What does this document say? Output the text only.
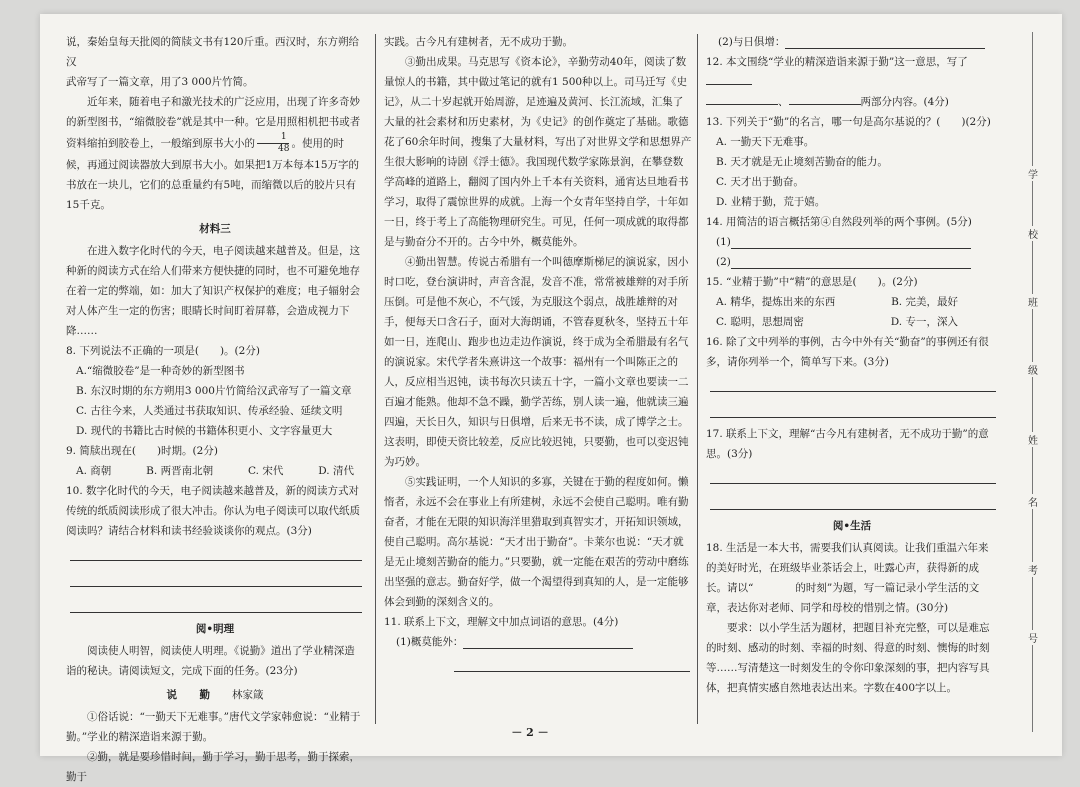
说，秦始皇每天批阅的简牍文书有120斤重。西汉时，东方朔给汉

武帝写了一篇文章，用了3 000片竹简。

近年来，随着电子和激光技术的广泛应用，出现了许多奇妙的新型图书，“缩微胶卷”就是其中一种。它是用照相机把书或者资料缩拍到胶卷上，一般缩到原书大小的 $\frac{1}{48}$ 。使用的时候，再通过阅读器放大到原书大小。如果把1万本每本15万字的书放在一块儿，它们的总重量约有5吨，而缩微以后的胶片只有15千克。

材料三

在进入数字化时代的今天，电子阅读越来越普及。但是，这种新的阅读方式在给人们带来方便快捷的同时，也不可避免地存在着一定的弊端，如：加大了知识产权保护的难度；电子辐射会对人体产生一定的伤害；眼睛长时间盯着屏幕，会造成视力下降……

8. 下列说法不正确的一项是(　　)。(2分)

A.“缩微胶卷”是一种奇妙的新型图书

B. 东汉时期的东方朔用3 000片竹简给汉武帝写了一篇文章

C. 古往今来，人类通过书获取知识、传承经验、延续文明

D. 现代的书籍比古时候的书籍体积更小、文字容量更大

9. 简牍出现在(　　)时期。(2分)

A. 商朝	B. 两晋南北朝	C. 宋代	D. 清代

10. 数字化时代的今天，电子阅读越来越普及，新的阅读方式对传统的纸质阅读形成了很大冲击。你认为电子阅读可以取代纸质阅读吗？请结合材料和读书经验谈谈你的观点。(3分)

阅•明理

阅读使人明智，阅读使人明理。《说勤》道出了学业精深造诣的秘诀。请阅读短文，完成下面的任务。(23分)

说　勤 林家箴

①俗话说：“一勤天下无难事。”唐代文学家韩愈说：“业精于勤。”学业的精深造诣来源于勤。

②勤，就是要珍惜时间，勤于学习，勤于思考，勤于探索，勤于

实践。古今凡有建树者，无不成功于勤。

③勤出成果。马克思写《资本论》，辛勤劳动40年，阅读了数量惊人的书籍，其中做过笔记的就有1 500种以上。司马迁写《史记》，从二十岁起就开始周游，足迹遍及黄河、长江流域，汇集了大量的社会素材和历史素材，为《史记》的创作奠定了基础。歌德花了60余年时间，搜集了大量材料，写出了对世界文学和思想界产生很大影响的诗剧《浮士德》。我国现代数学家陈景润，在攀登数学高峰的道路上，翻阅了国内外上千本有关资料，通宵达旦地看书学习，取得了震惊世界的成就。上海一个女青年坚持自学，十年如一日，终于考上了高能物理研究生。可见，任何一项成就的取得都是与勤奋分不开的。古今中外，概莫能外。

④勤出智慧。传说古希腊有一个叫德摩斯梯尼的演说家，因小时口吃，登台演讲时，声音含混，发音不准，常常被雄辩的对手所压倒。可是他不灰心，不气馁，为克服这个弱点，战胜雄辩的对手，便每天口含石子，面对大海朗诵，不管春夏秋冬，坚持五十年如一日，连爬山、跑步也边走边作演说，终于成为全希腊最有名气的演说家。宋代学者朱熹讲这一个故事：福州有一个叫陈正之的人，反应相当迟钝，读书每次只读五十字，一篇小文章也要读一二百遍才能熟。他却不急不躁，勤学苦练，别人读一遍，他就读三遍四遍，天长日久，知识与日俱增，后来无书不读，成了博学之士。这表明，即使天资比较差，反应比较迟钝，只要勤，也可以变迟钝为巧妙。

⑤实践证明，一个人知识的多寡，关键在于勤的程度如何。懒惰者，永远不会在事业上有所建树，永远不会使自己聪明。唯有勤奋者，才能在无限的知识海洋里猎取到真智实才，开拓知识领域，使自己聪明。高尔基说：“天才出于勤奋”。卡莱尔也说：“天才就是无止境刻苦勤奋的能力。”只要勤，就一定能在艰苦的劳动中磨练出坚强的意志。勤奋好学，做一个渴望得到真知的人，是一定能够体会到勤的深刻含义的。

11. 联系上下文，理解文中加点词语的意思。(4分)

(1)概莫能外：

(2)与日俱增：

12. 本文围绕“学业的精深造诣来源于勤”这一意思，写了
、	两部分内容。(4分)

13. 下列关于“勤”的名言，哪一句是高尔基说的？(　　)(2分)

A. 一勤天下无难事。

B. 天才就是无止境刻苦勤奋的能力。

C. 天才出于勤奋。

D. 业精于勤，荒于嬉。

14. 用简洁的语言概括第④自然段列举的两个事例。(5分)

(1)

(2)

15. “业精于勤”中“精”的意思是(　　)。(2分)

A. 精华，提炼出来的东西	B. 完美，最好
C. 聪明，思想周密	D. 专一，深入

16. 除了文中列举的事例，古今中外有关“勤奋”的事例还有很多，请你列举一个，简单写下来。(3分)

17. 联系上下文，理解“古今凡有建树者，无不成功于勤”的意思。(3分)

阅•生活

18. 生活是一本大书，需要我们认真阅读。让我们重温六年来的美好时光，在班级毕业茶话会上，吐露心声，获得新的成长。请以“　　　　的时刻”为题，写一篇记录小学生活的文章，表达你对老师、同学和母校的惜别之情。(30分)

要求：以小学生活为题材，把题目补充完整，可以是难忘的时刻、感动的时刻、幸福的时刻、得意的时刻、懊悔的时刻等……写清楚这一时刻发生的令你印象深刻的事，把内容写具体，把真情实感自然地表达出来。字数在400字以上。

学
校
班
级
姓
名
考
号
－ 2 －
